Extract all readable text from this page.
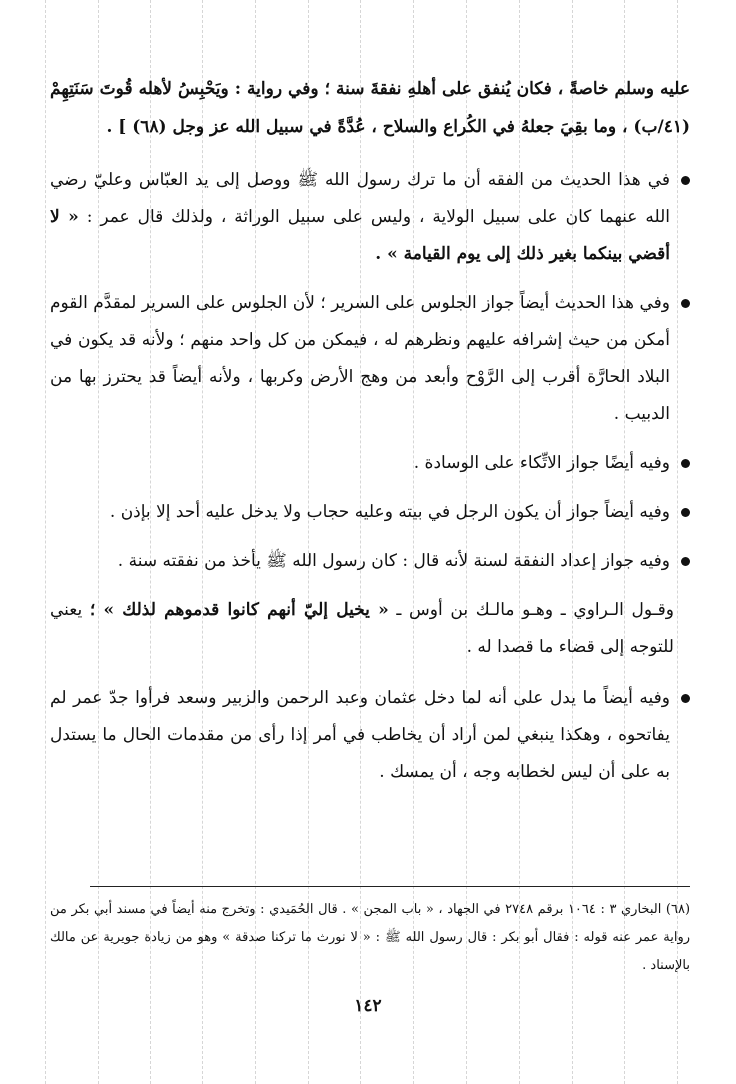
عليه وسلم خاصةً ، فكان يُنفق على أهلهِ نفقةَ سنة ؛ وفي رواية : ويَحْبِسُ لأهله قُوتَ سَنَتِهِمْ (٤١/ب) ، وما بقِيَ جعلهُ في الكُراع والسلاح ، عُدَّةً في سبيل الله عز وجل (٦٨) ] .

في هذا الحديث من الفقه أن ما ترك رسول الله ﷺ ووصل إلى يد العبّاس وعليّ رضي الله عنهما كان على سبيل الولاية ، وليس على سبيل الوراثة ، ولذلك قال عمر : « لا أقضي بينكما بغير ذلك إلى يوم القيامة » .

وفي هذا الحديث أيضاً جواز الجلوس على السرير ؛ لأن الجلوس على السرير لمقدَّم القوم أمكن من حيث إشرافه عليهم ونظرهم له ، فيمكن من كل واحد منهم ؛ ولأنه قد يكون في البلاد الحارَّة أقرب إلى الرَّوْح وأبعد من وهج الأرض وكربها ، ولأنه أيضاً قد يحترز بها من الدبيب .

وفيه أيضًا جواز الاتِّكاء على الوسادة .

وفيه أيضاً جواز أن يكون الرجل في بيته وعليه حجاب ولا يدخل عليه أحد إلا بإذن .

وفيه جواز إعداد النفقة لسنة لأنه قال : كان رسول الله ﷺ يأخذ من نفقته سنة .

وقـول الـراوي ـ وهـو مالـك بن أوس ـ « يخيل إليّ أنهم كانوا قدموهم لذلك » ؛ يعني للتوجه إلى قضاء ما قصدا له .

وفيه أيضاً ما يدل على أنه لما دخل عثمان وعبد الرحمن والزبير وسعد فرأوا جدّ عمر لم يفاتحوه ، وهكذا ينبغي لمن أراد أن يخاطب في أمر إذا رأى من مقدمات الحال ما يستدل به على أن ليس لخطابه وجه ، أن يمسك .

(٦٨) البخاري ٣ : ١٠٦٤ برقم ٢٧٤٨ في الجهاد ، « باب المجن » . قال الحُمَيدي : وتخرج منه أيضاً في مسند أبي بكر من رواية عمر عنه قوله : فقال أبو بكر : قال رسول الله ﷺ : « لا نورث ما تركنا صدقة » وهو من زيادة جويرية عن مالك بالإسناد .

١٤٢
